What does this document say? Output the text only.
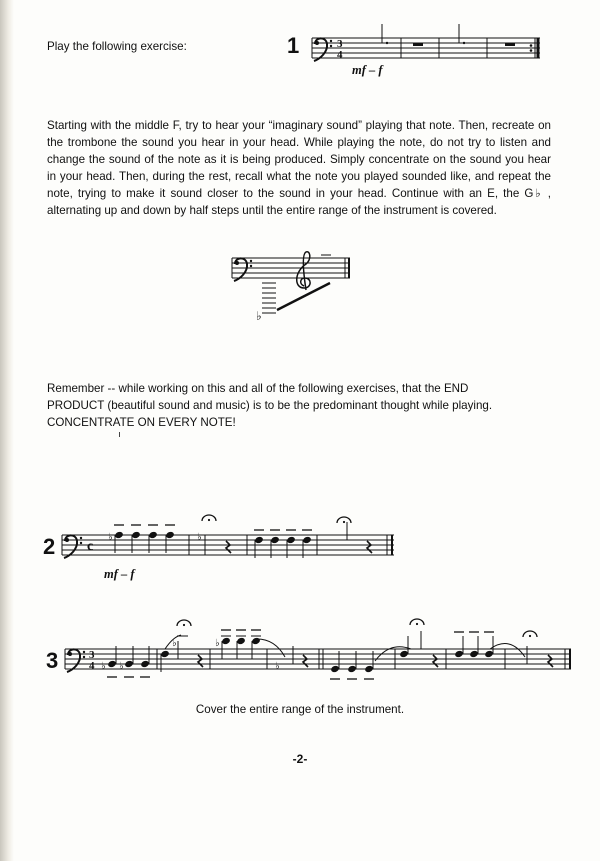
Play the following exercise:	1	3
4
mf – f
Starting with the middle F, try to hear your “imaginary sound” playing that note. Then, recreate on the trombone the sound you hear in your head. While playing the note, do not try to listen and change the sound of the note as it is being produced. Simply concentrate on the sound you hear in your head. Then, during the rest, recall what the note you played sounded like, and repeat the note, trying to make it sound closer to the sound in your head. Continue with an E, the G♭ , alternating up and down by half steps until the entire range of the instrument is covered.
♭
Remember -- while working on this and all of the following exercises, that the END
PRODUCT (beautiful sound and music) is to be the predominant thought while playing.
CONCENTRATE ON EVERY NOTE!
2 c
♭	♭
mf – f
3	3
4 ♭ ♭
♭	♭
♭
Cover the entire range of the instrument.
-2-
